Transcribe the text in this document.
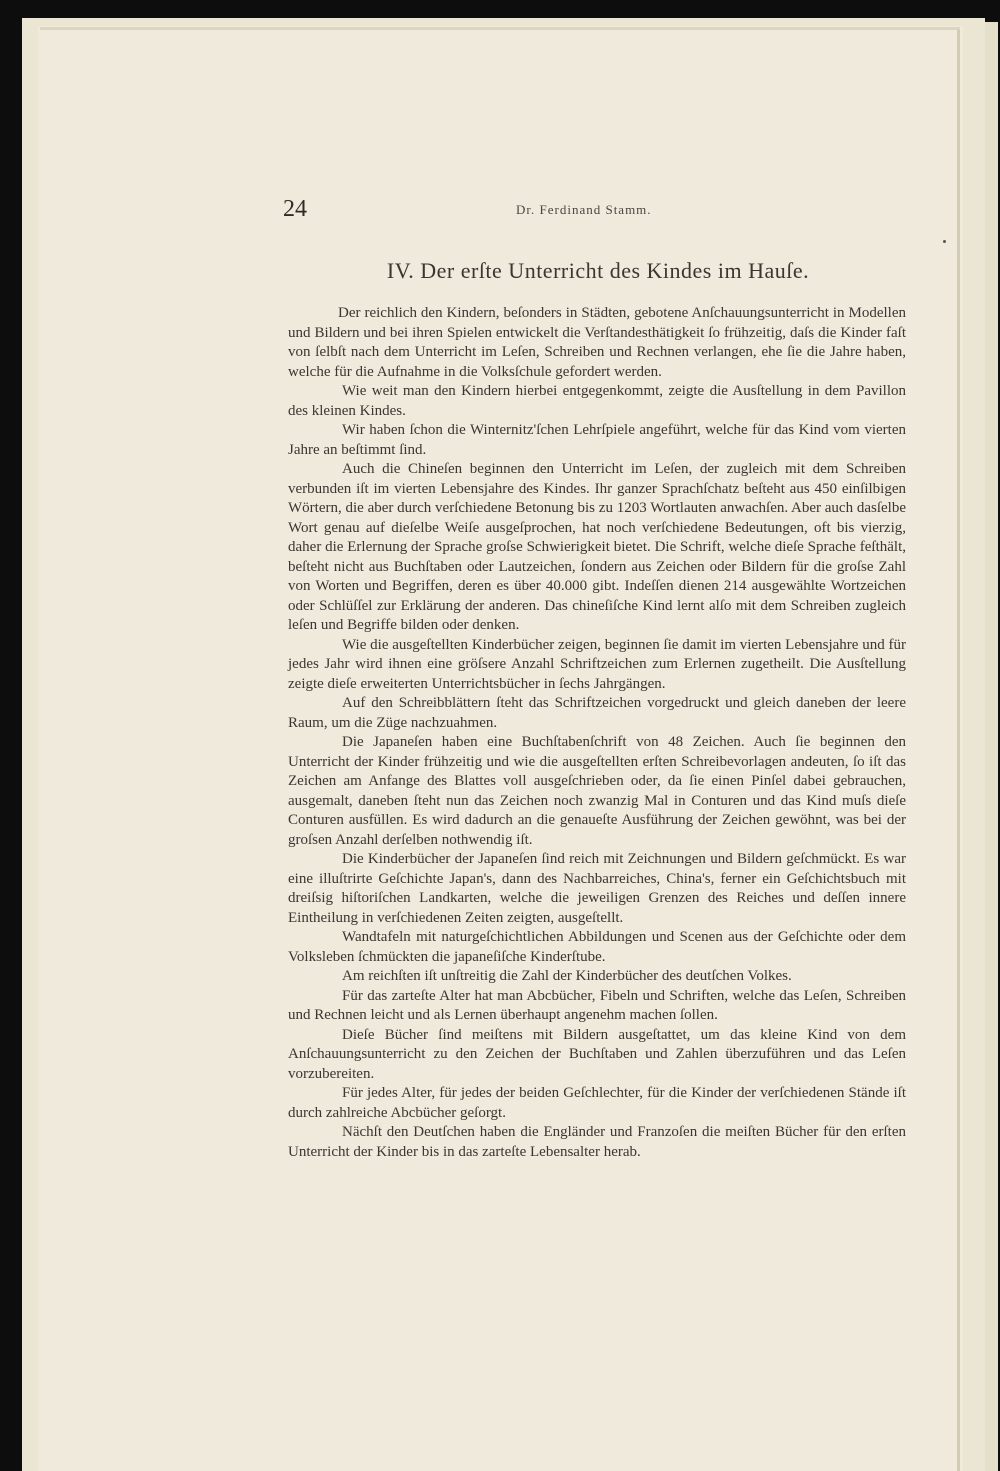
24	Dr. Ferdinand Stamm.
IV. Der erſte Unterricht des Kindes im Hauſe.

Der reichlich den Kindern, beſonders in Städten, gebotene Anſchauungsunterricht in Modellen und Bildern und bei ihren Spielen entwickelt die Verſtandesthätigkeit ſo frühzeitig, daſs die Kinder faſt von ſelbſt nach dem Unterricht im Leſen, Schreiben und Rechnen verlangen, ehe ſie die Jahre haben, welche für die Aufnahme in die Volksſchule gefordert werden.

Wie weit man den Kindern hierbei entgegenkommt, zeigte die Ausſtellung in dem Pavillon des kleinen Kindes.

Wir haben ſchon die Winternitz'ſchen Lehrſpiele angeführt, welche für das Kind vom vierten Jahre an beſtimmt ſind.

Auch die Chineſen beginnen den Unterricht im Leſen, der zugleich mit dem Schreiben verbunden iſt im vierten Lebensjahre des Kindes. Ihr ganzer Sprachſchatz beſteht aus 450 einſilbigen Wörtern, die aber durch verſchiedene Betonung bis zu 1203 Wortlauten anwachſen. Aber auch dasſelbe Wort genau auf dieſelbe Weiſe ausgeſprochen, hat noch verſchiedene Bedeutungen, oft bis vierzig, daher die Erlernung der Sprache groſse Schwierigkeit bietet. Die Schrift, welche dieſe Sprache feſthält, beſteht nicht aus Buchſtaben oder Lautzeichen, ſondern aus Zeichen oder Bildern für die groſse Zahl von Worten und Begriffen, deren es über 40.000 gibt. Indeſſen dienen 214 ausgewählte Wortzeichen oder Schlüſſel zur Erklärung der anderen. Das chineſiſche Kind lernt alſo mit dem Schreiben zugleich leſen und Begriffe bilden oder denken.

Wie die ausgeſtellten Kinderbücher zeigen, beginnen ſie damit im vierten Lebensjahre und für jedes Jahr wird ihnen eine gröſsere Anzahl Schriftzeichen zum Erlernen zugetheilt. Die Ausſtellung zeigte dieſe erweiterten Unterrichtsbücher in ſechs Jahrgängen.

Auf den Schreibblättern ſteht das Schriftzeichen vorgedruckt und gleich daneben der leere Raum, um die Züge nachzuahmen.

Die Japaneſen haben eine Buchſtabenſchrift von 48 Zeichen. Auch ſie beginnen den Unterricht der Kinder frühzeitig und wie die ausgeſtellten erſten Schreibevorlagen andeuten, ſo iſt das Zeichen am Anfange des Blattes voll ausgeſchrieben oder, da ſie einen Pinſel dabei gebrauchen, ausgemalt, daneben ſteht nun das Zeichen noch zwanzig Mal in Conturen und das Kind muſs dieſe Conturen ausfüllen. Es wird dadurch an die genaueſte Ausführung der Zeichen gewöhnt, was bei der groſsen Anzahl derſelben nothwendig iſt.

Die Kinderbücher der Japaneſen ſind reich mit Zeichnungen und Bildern geſchmückt. Es war eine illuſtrirte Geſchichte Japan's, dann des Nachbarreiches, China's, ferner ein Geſchichtsbuch mit dreiſsig hiſtoriſchen Landkarten, welche die jeweiligen Grenzen des Reiches und deſſen innere Eintheilung in verſchiedenen Zeiten zeigten, ausgeſtellt.

Wandtafeln mit naturgeſchichtlichen Abbildungen und Scenen aus der Geſchichte oder dem Volksleben ſchmückten die japaneſiſche Kinderſtube.

Am reichſten iſt unſtreitig die Zahl der Kinderbücher des deutſchen Volkes.

Für das zarteſte Alter hat man Abcbücher, Fibeln und Schriften, welche das Leſen, Schreiben und Rechnen leicht und als Lernen überhaupt angenehm machen ſollen.

Dieſe Bücher ſind meiſtens mit Bildern ausgeſtattet, um das kleine Kind von dem Anſchauungsunterricht zu den Zeichen der Buchſtaben und Zahlen überzuführen und das Leſen vorzubereiten.

Für jedes Alter, für jedes der beiden Geſchlechter, für die Kinder der verſchiedenen Stände iſt durch zahlreiche Abcbücher geſorgt.

Nächſt den Deutſchen haben die Engländer und Franzoſen die meiſten Bücher für den erſten Unterricht der Kinder bis in das zarteſte Lebensalter herab.
